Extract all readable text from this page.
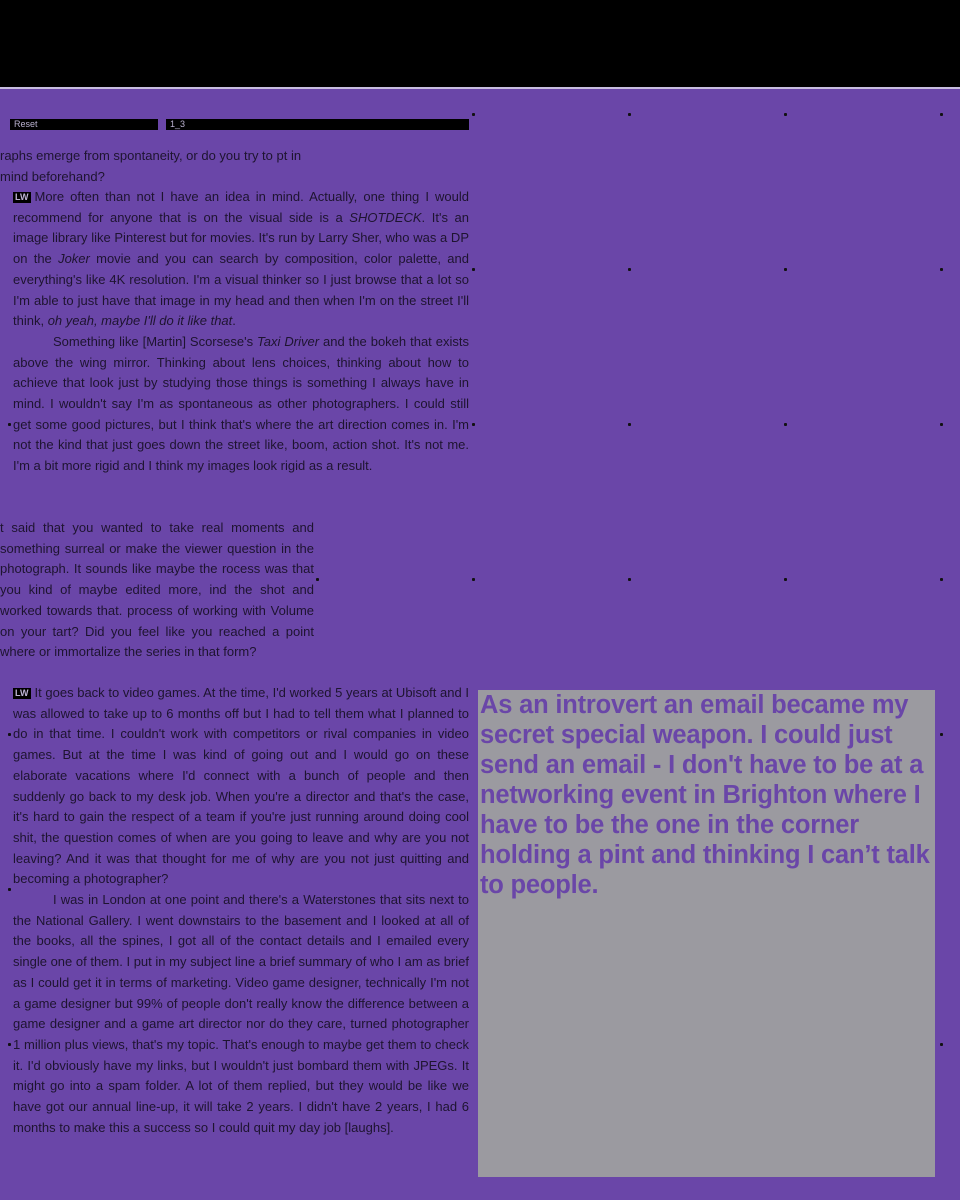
Reset	1_3
raphs emerge from spontaneity, or do you try to pt in mind beforehand?

LW More often than not I have an idea in mind. Actually, one thing I would recommend for anyone that is on the visual side is a SHOTDECK. It's an image library like Pinterest but for movies. It's run by Larry Sher, who was a DP on the Joker movie and you can search by composition, color palette, and everything's like 4K resolution. I'm a visual thinker so I just browse that a lot so I'm able to just have that image in my head and then when I'm on the street I'll think, oh yeah, maybe I'll do it like that.

Something like [Martin] Scorsese's Taxi Driver and the bokeh that exists above the wing mirror. Thinking about lens choices, thinking about how to achieve that look just by studying those things is something I always have in mind. I wouldn't say I'm as spontaneous as other photographers. I could still get some good pictures, but I think that's where the art direction comes in. I'm not the kind that just goes down the street like, boom, action shot. It's not me. I'm a bit more rigid and I think my images look rigid as a result.

t said that you wanted to take real moments and something surreal or make the viewer question in the photograph. It sounds like maybe the rocess was that you kind of maybe edited more, ind the shot and worked towards that. process of working with Volume on your tart? Did you feel like you reached a point where or immortalize the series in that form?

LW It goes back to video games. At the time, I'd worked 5 years at Ubisoft and I was allowed to take up to 6 months off but I had to tell them what I planned to do in that time. I couldn't work with competitors or rival companies in video games. But at the time I was kind of going out and I would go on these elaborate vacations where I'd connect with a bunch of people and then suddenly go back to my desk job. When you're a director and that's the case, it's hard to gain the respect of a team if you're just running around doing cool shit, the question comes of when are you going to leave and why are you not leaving? And it was that thought for me of why are you not just quitting and becoming a photographer?

I was in London at one point and there's a Waterstones that sits next to the National Gallery. I went downstairs to the basement and I looked at all of the books, all the spines, I got all of the contact details and I emailed every single one of them. I put in my subject line a brief summary of who I am as brief as I could get it in terms of marketing. Video game designer, technically I'm not a game designer but 99% of people don't really know the difference between a game designer and a game art director nor do they care, turned photographer 1 million plus views, that's my topic. That's enough to maybe get them to check it. I'd obviously have my links, but I wouldn't just bombard them with JPEGs. It might go into a spam folder. A lot of them replied, but they would be like we have got our annual line-up, it will take 2 years. I didn't have 2 years, I had 6 months to make this a success so I could quit my day job [laughs].

As an introvert an email became my secret special weapon. I could just send an email - I don't have to be at a networking event in Brighton where I have to be the one in the corner holding a pint and thinking I can’t talk to people.
